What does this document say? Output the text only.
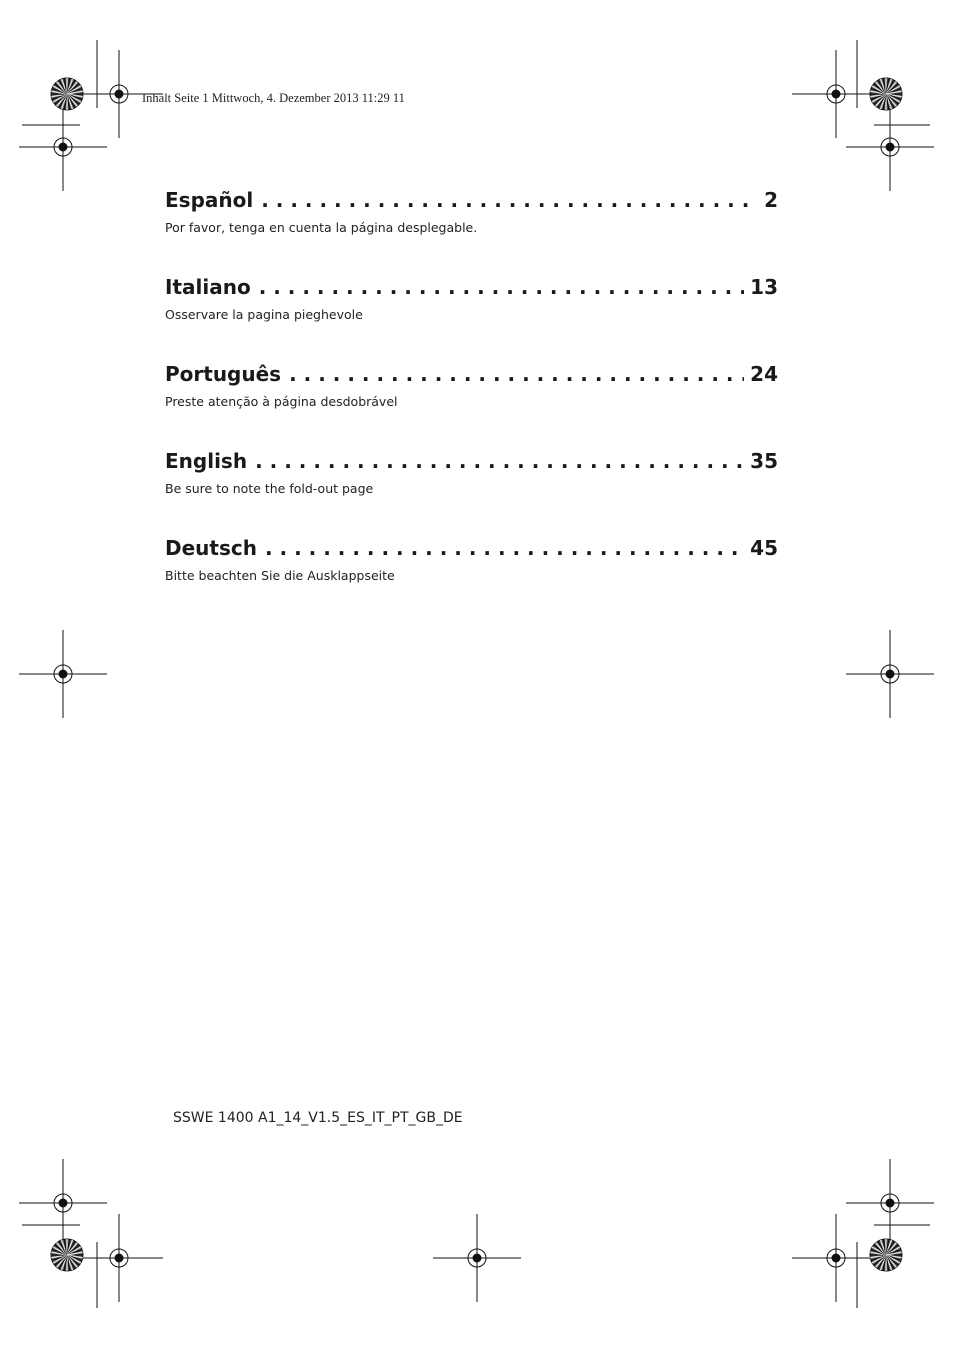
Inhalt Seite 1 Mittwoch, 4. Dezember 2013 11:29 11
Español . . .	2
Por favor, tenga en cuenta la página desplegable.
Italiano . . .	13
Osservare la pagina pieghevole
Português . . .	24
Preste atenção à página desdobrável
English . . .	35
Be sure to note the fold-out page
Deutsch . . .	45
Bitte beachten Sie die Ausklappseite
SSWE 1400 A1_14_V1.5_ES_IT_PT_GB_DE
